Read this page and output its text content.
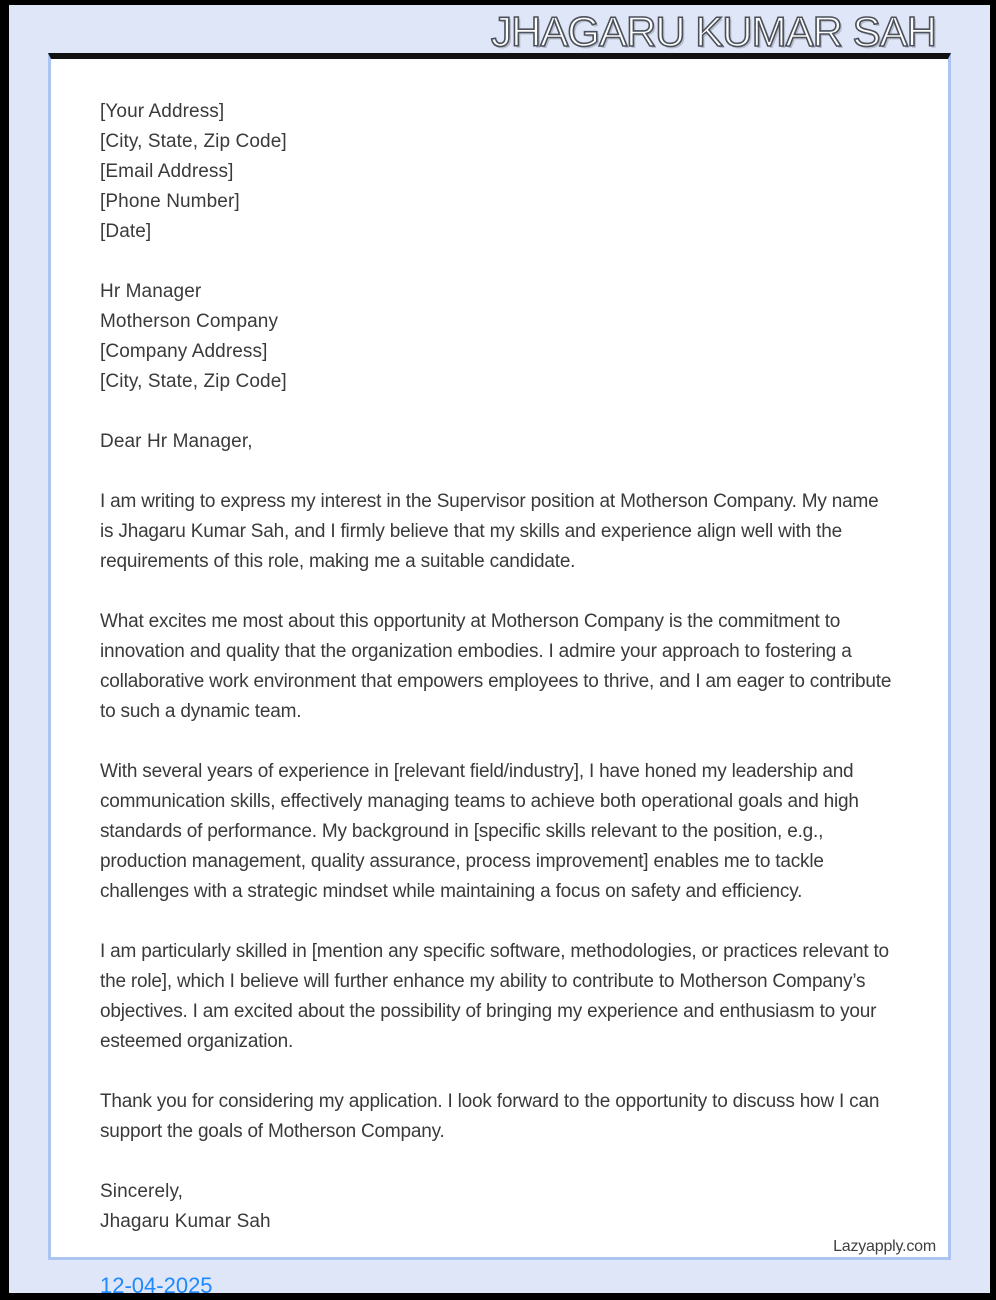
JHAGARU KUMAR SAH
[Your Address]
[City, State, Zip Code]
[Email Address]
[Phone Number]
[Date]
Hr Manager
Motherson Company
[Company Address]
[City, State, Zip Code]
Dear Hr Manager,

I am writing to express my interest in the Supervisor position at Motherson Company. My name is Jhagaru Kumar Sah, and I firmly believe that my skills and experience align well with the requirements of this role, making me a suitable candidate.

What excites me most about this opportunity at Motherson Company is the commitment to innovation and quality that the organization embodies. I admire your approach to fostering a collaborative work environment that empowers employees to thrive, and I am eager to contribute to such a dynamic team.

With several years of experience in [relevant field/industry], I have honed my leadership and communication skills, effectively managing teams to achieve both operational goals and high standards of performance. My background in [specific skills relevant to the position, e.g., production management, quality assurance, process improvement] enables me to tackle challenges with a strategic mindset while maintaining a focus on safety and efficiency.

I am particularly skilled in [mention any specific software, methodologies, or practices relevant to the role], which I believe will further enhance my ability to contribute to Motherson Company’s objectives. I am excited about the possibility of bringing my experience and enthusiasm to your esteemed organization.

Thank you for considering my application. I look forward to the opportunity to discuss how I can support the goals of Motherson Company.

Sincerely,
Jhagaru Kumar Sah
Lazyapply.com
12-04-2025
